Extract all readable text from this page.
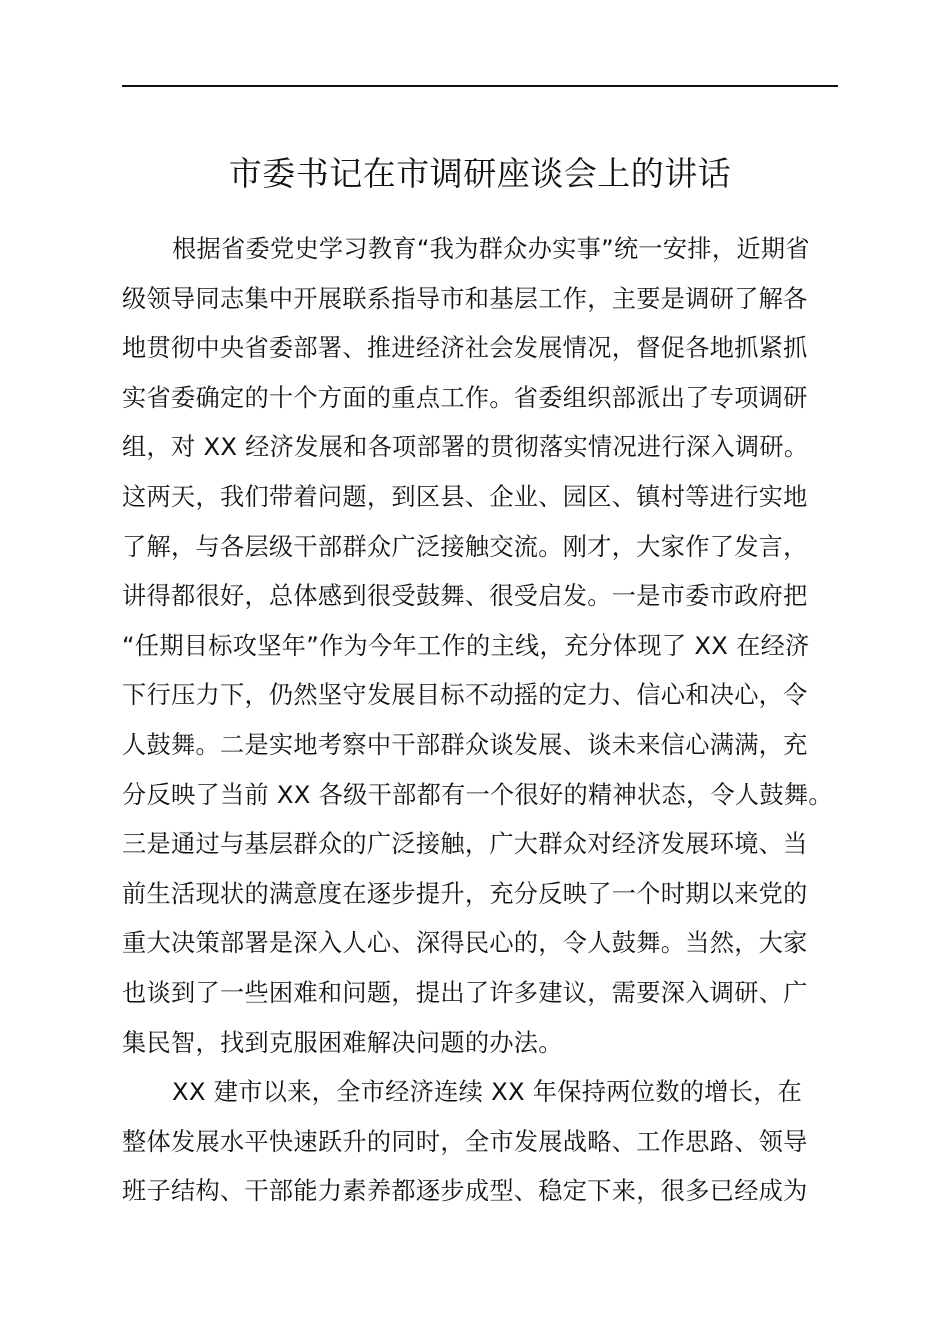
市委书记在市调研座谈会上的讲话

根据省委党史学习教育“我为群众办实事”统一安排，近期省
级领导同志集中开展联系指导市和基层工作，主要是调研了解各
地贯彻中央省委部署、推进经济社会发展情况，督促各地抓紧抓
实省委确定的十个方面的重点工作。省委组织部派出了专项调研
组，对 XX 经济发展和各项部署的贯彻落实情况进行深入调研。
这两天，我们带着问题，到区县、企业、园区、镇村等进行实地
了解，与各层级干部群众广泛接触交流。刚才，大家作了发言，
讲得都很好，总体感到很受鼓舞、很受启发。一是市委市政府把
“任期目标攻坚年”作为今年工作的主线，充分体现了 XX 在经济
下行压力下，仍然坚守发展目标不动摇的定力、信心和决心，令
人鼓舞。二是实地考察中干部群众谈发展、谈未来信心满满，充
分反映了当前 XX 各级干部都有一个很好的精神状态，令人鼓舞。
三是通过与基层群众的广泛接触，广大群众对经济发展环境、当
前生活现状的满意度在逐步提升，充分反映了一个时期以来党的
重大决策部署是深入人心、深得民心的，令人鼓舞。当然，大家
也谈到了一些困难和问题，提出了许多建议，需要深入调研、广
集民智，找到克服困难解决问题的办法。

XX 建市以来，全市经济连续 XX 年保持两位数的增长，在
整体发展水平快速跃升的同时，全市发展战略、工作思路、领导
班子结构、干部能力素养都逐步成型、稳定下来，很多已经成为
